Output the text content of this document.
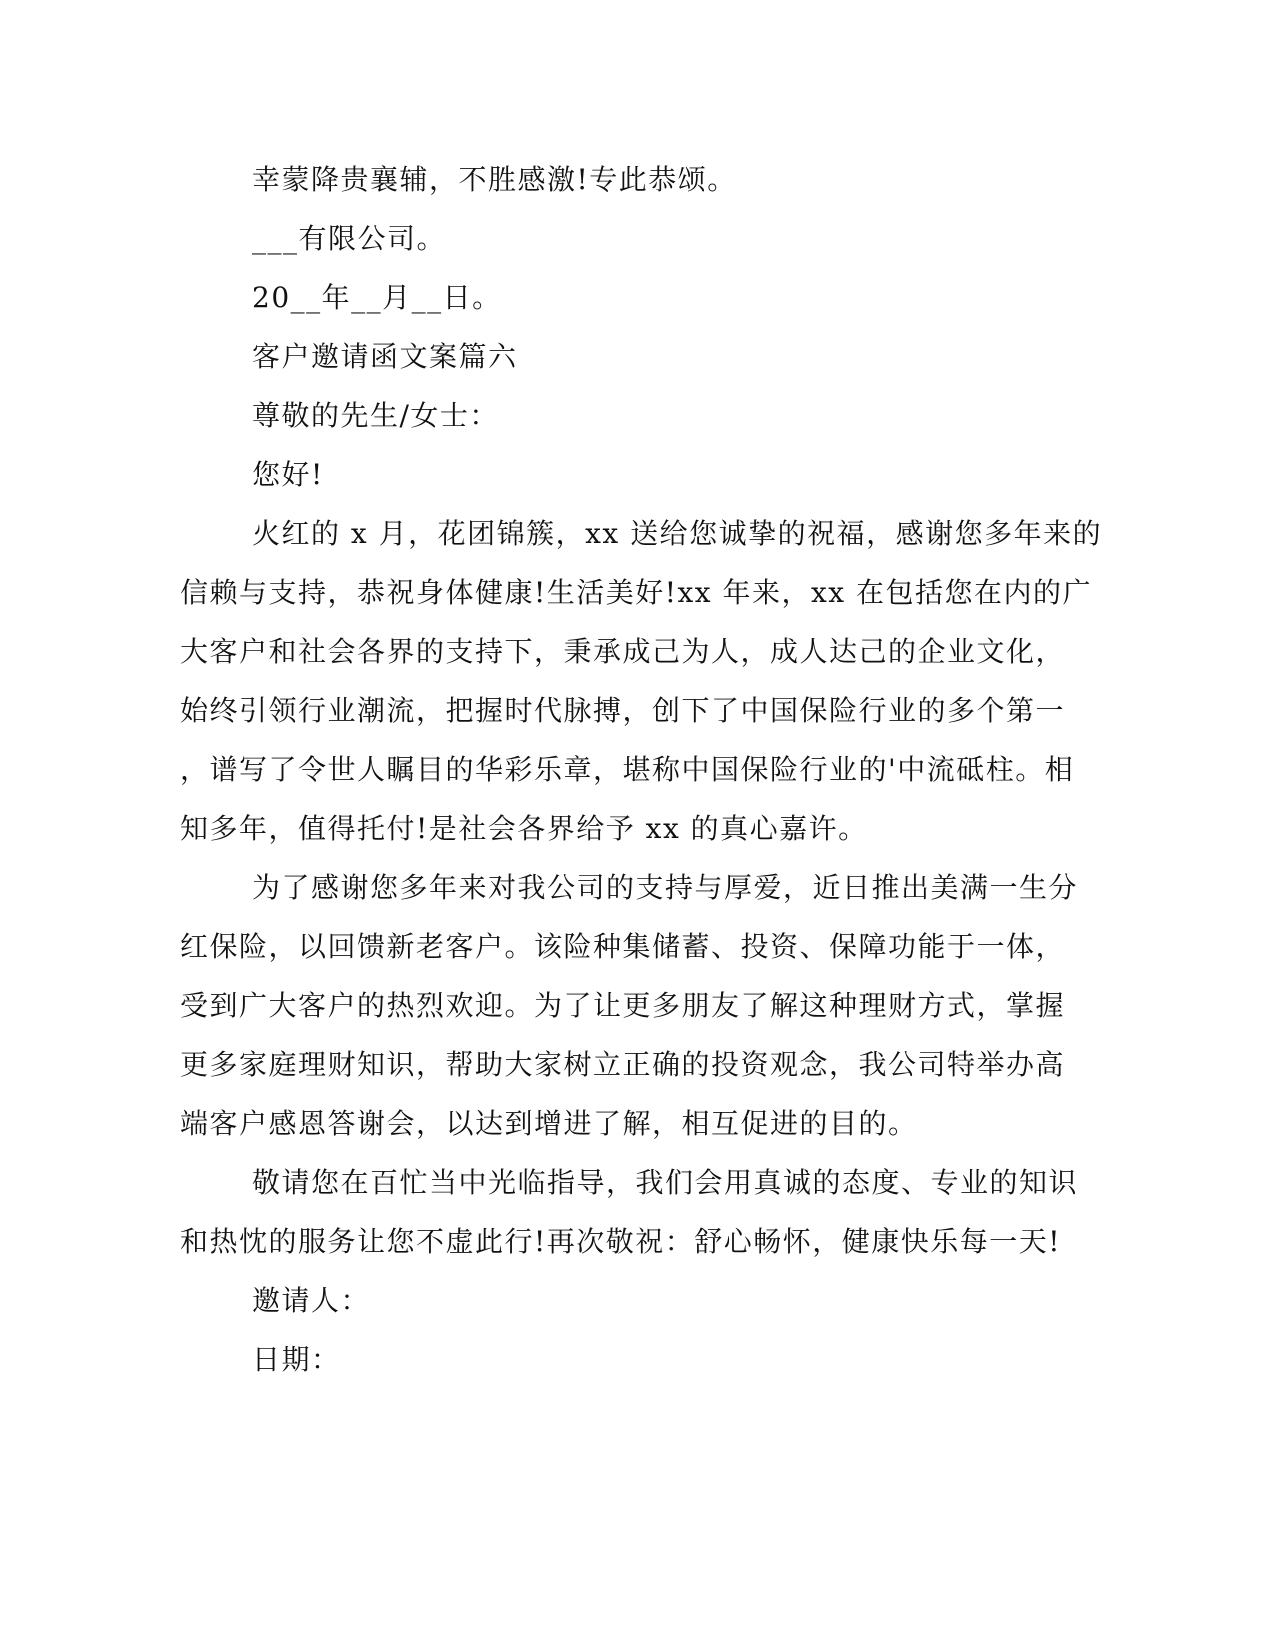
幸蒙降贵襄辅，不胜感激!专此恭颂。
___有限公司。
20__年__月__日。
客户邀请函文案篇六
尊敬的先生/女士：
您好!
火红的 x 月，花团锦簇，xx 送给您诚挚的祝福，感谢您多年来的
信赖与支持，恭祝身体健康!生活美好!xx 年来，xx 在包括您在内的广
大客户和社会各界的支持下，秉承成己为人，成人达己的企业文化，
始终引领行业潮流，把握时代脉搏，创下了中国保险行业的多个第一
，谱写了令世人瞩目的华彩乐章，堪称中国保险行业的'中流砥柱。相
知多年，值得托付!是社会各界给予 xx 的真心嘉许。
为了感谢您多年来对我公司的支持与厚爱，近日推出美满一生分
红保险，以回馈新老客户。该险种集储蓄、投资、保障功能于一体，
受到广大客户的热烈欢迎。为了让更多朋友了解这种理财方式，掌握
更多家庭理财知识，帮助大家树立正确的投资观念，我公司特举办高
端客户感恩答谢会，以达到增进了解，相互促进的目的。
敬请您在百忙当中光临指导，我们会用真诚的态度、专业的知识
和热忱的服务让您不虚此行!再次敬祝：舒心畅怀，健康快乐每一天!
邀请人：
日期：
